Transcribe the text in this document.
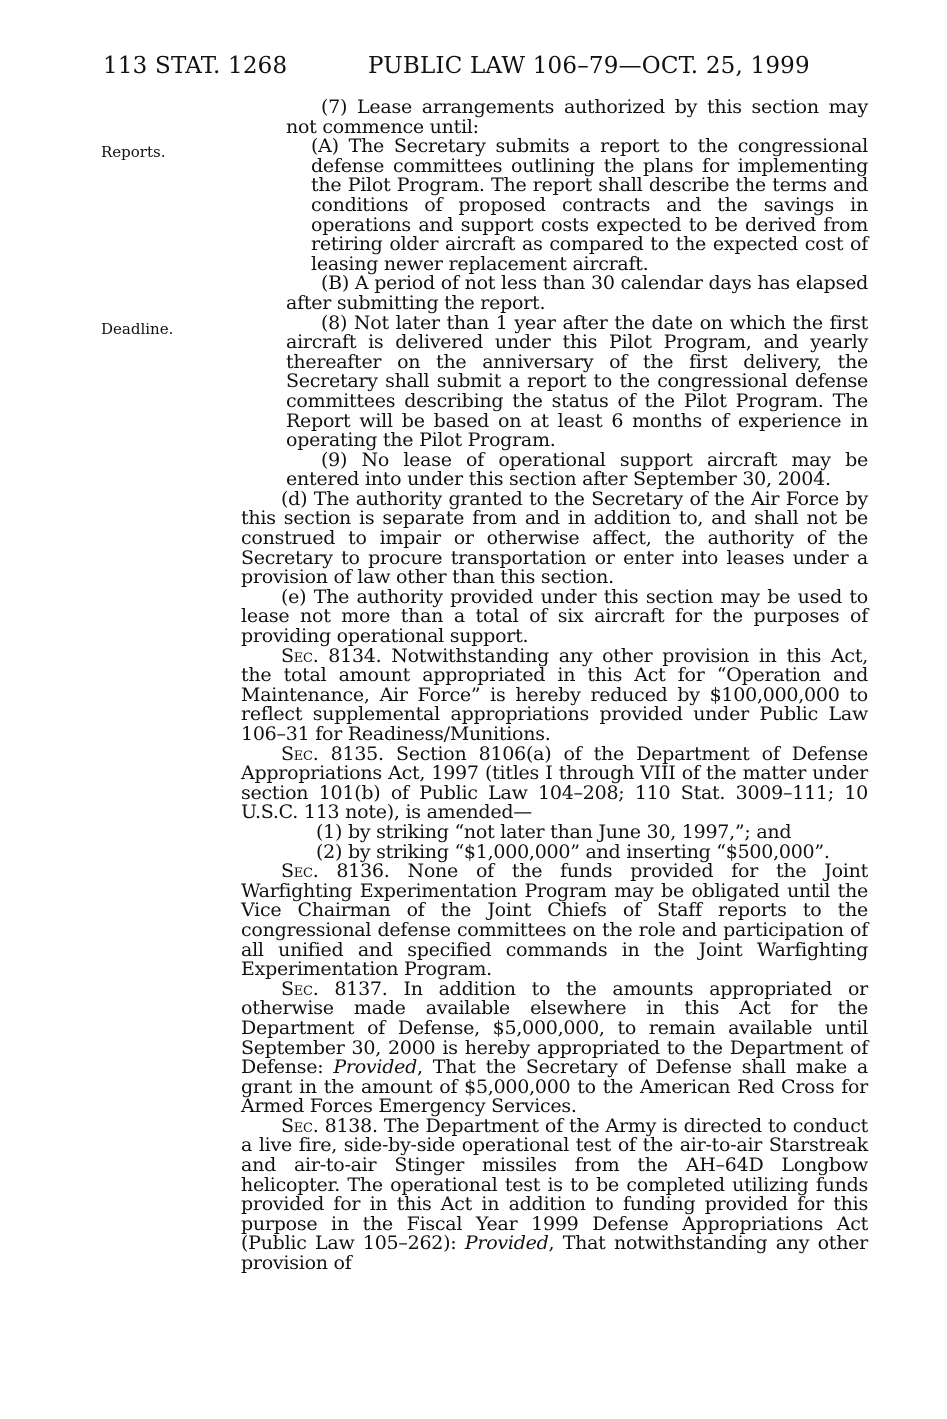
113 STAT. 1268	PUBLIC LAW 106–79—OCT. 25, 1999
Reports.
Deadline.

(7) Lease arrangements authorized by this section may not commence until:

(A) The Secretary submits a report to the congressional defense committees outlining the plans for implementing the Pilot Program. The report shall describe the terms and conditions of proposed contracts and the savings in operations and support costs expected to be derived from retiring older aircraft as compared to the expected cost of leasing newer replacement aircraft.

(B) A period of not less than 30 calendar days has elapsed after submitting the report.

(8) Not later than 1 year after the date on which the first aircraft is delivered under this Pilot Program, and yearly thereafter on the anniversary of the first delivery, the Secretary shall submit a report to the congressional defense committees describing the status of the Pilot Program. The Report will be based on at least 6 months of experience in operating the Pilot Program.

(9) No lease of operational support aircraft may be entered into under this section after September 30, 2004.

(d) The authority granted to the Secretary of the Air Force by this section is separate from and in addition to, and shall not be construed to impair or otherwise affect, the authority of the Secretary to procure transportation or enter into leases under a provision of law other than this section.

(e) The authority provided under this section may be used to lease not more than a total of six aircraft for the purposes of providing operational support.

Sec. 8134. Notwithstanding any other provision in this Act, the total amount appropriated in this Act for “Operation and Maintenance, Air Force” is hereby reduced by $100,000,000 to reflect supplemental appropriations provided under Public Law 106–31 for Readiness/Munitions.

Sec. 8135. Section 8106(a) of the Department of Defense Appropriations Act, 1997 (titles I through VIII of the matter under section 101(b) of Public Law 104–208; 110 Stat. 3009–111; 10 U.S.C. 113 note), is amended—

(1) by striking “not later than June 30, 1997,”; and

(2) by striking “$1,000,000” and inserting “$500,000”.

Sec. 8136. None of the funds provided for the Joint Warfighting Experimentation Program may be obligated until the Vice Chairman of the Joint Chiefs of Staff reports to the congressional defense committees on the role and participation of all unified and specified commands in the Joint Warfighting Experimentation Program.

Sec. 8137. In addition to the amounts appropriated or otherwise made available elsewhere in this Act for the Department of Defense, $5,000,000, to remain available until September 30, 2000 is hereby appropriated to the Department of Defense: Provided, That the Secretary of Defense shall make a grant in the amount of $5,000,000 to the American Red Cross for Armed Forces Emergency Services.

Sec. 8138. The Department of the Army is directed to conduct a live fire, side-by-side operational test of the air-to-air Starstreak and air-to-air Stinger missiles from the AH–64D Longbow helicopter. The operational test is to be completed utilizing funds provided for in this Act in addition to funding provided for this purpose in the Fiscal Year 1999 Defense Appropriations Act (Public Law 105–262): Provided, That notwithstanding any other provision of
